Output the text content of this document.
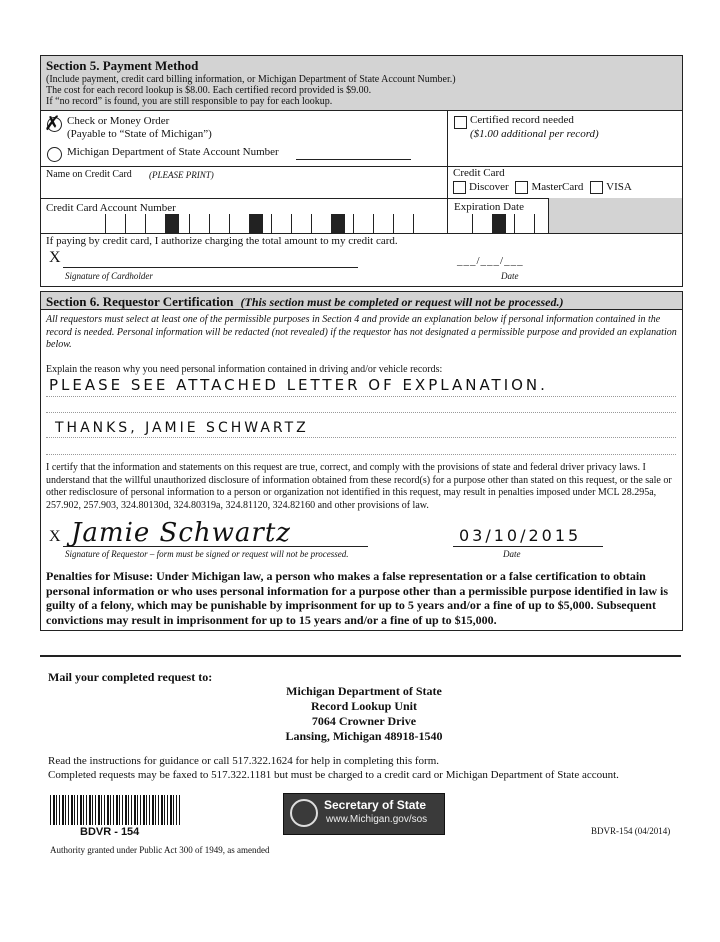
Section 5. Payment Method
(Include payment, credit card billing information, or Michigan Department of State Account Number.)
The cost for each record lookup is $8.00. Each certified record provided is $9.00.
If “no record” is found, you are still responsible to pay for each lookup.
✗ Check or Money Order
(Payable to “State of Michigan”)
Michigan Department of State Account Number
Certified record needed
($1.00 additional per record)
Name on Credit Card (PLEASE PRINT)	Credit Card
Discover MasterCard VISA
Credit Card Account Number	Expiration Date
If paying by credit card, I authorize charging the total amount to my credit card.
X
Signature of Cardholder
___/___/___
Date
Section 6. Requestor Certification (This section must be completed or request will not be processed.)
All requestors must select at least one of the permissible purposes in Section 4 and provide an explanation below if personal information contained in the record is needed. Personal information will be redacted (not revealed) if the requestor has not designated a permissible purpose and provided an explanation below.
Explain the reason why you need personal information contained in driving and/or vehicle records:
PLEASE SEE ATTACHED LETTER OF EXPLANATION.
THANKS, JAMIE SCHWARTZ
I certify that the information and statements on this request are true, correct, and comply with the provisions of state and federal driver privacy laws. I understand that the willful unauthorized disclosure of information obtained from these record(s) for a purpose other than stated on this request, or the sale or other redisclosure of personal information to a person or organization not identified in this request, may result in penalties imposed under MCL 28.295a, 257.902, 257.903, 324.80130d, 324.80319a, 324.81120, 324.82160 and other provisions of law.
X Jamie Schwartz
Signature of Requestor – form must be signed or request will not be processed.
03/10/2015
Date
Penalties for Misuse: Under Michigan law, a person who makes a false representation or a false certification to obtain personal information or who uses personal information for a purpose other than a permissible purpose identified in law is guilty of a felony, which may be punishable by imprisonment for up to 5 years and/or a fine of up to $5,000. Subsequent convictions may result in imprisonment for up to 15 years and/or a fine of up to $15,000.
Mail your completed request to:
Michigan Department of State
Record Lookup Unit
7064 Crowner Drive
Lansing, Michigan 48918-1540
Read the instructions for guidance or call 517.322.1624 for help in completing this form.
Completed requests may be faxed to 517.322.1181 but must be charged to a credit card or Michigan Department of State account.
BDVR - 154
Authority granted under Public Act 300 of 1949, as amended
Secretary of State
www.Michigan.gov/sos
BDVR-154 (04/2014)
